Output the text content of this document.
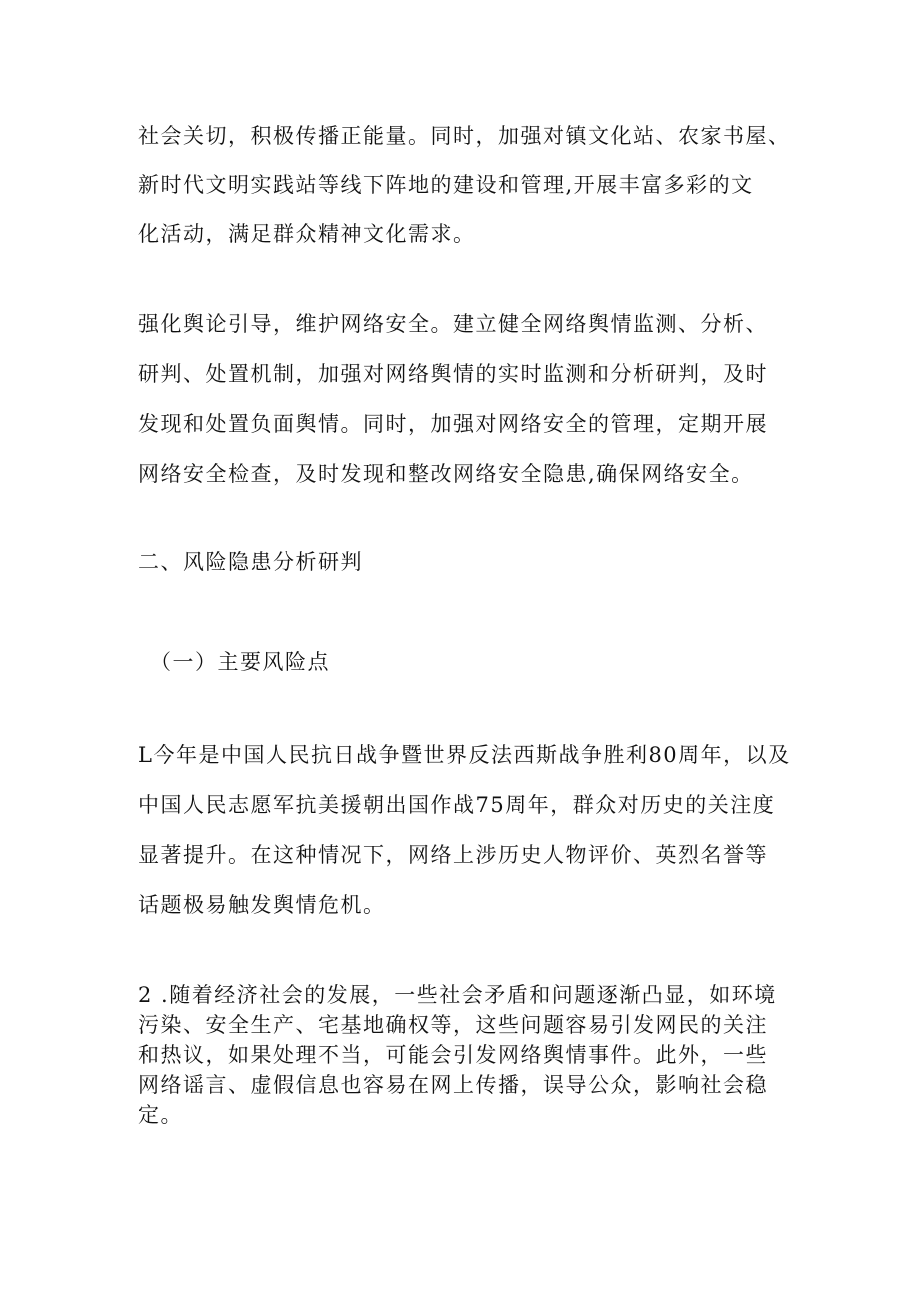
社会关切，积极传播正能量。同时，加强对镇文化站、农家书屋、
新时代文明实践站等线下阵地的建设和管理,开展丰富多彩的文
化活动，满足群众精神文化需求。

强化舆论引导，维护网络安全。建立健全网络舆情监测、分析、
研判、处置机制，加强对网络舆情的实时监测和分析研判，及时
发现和处置负面舆情。同时，加强对网络安全的管理，定期开展
网络安全检查，及时发现和整改网络安全隐患,确保网络安全。

二、风险隐患分析研判

（一）主要风险点

L今年是中国人民抗日战争暨世界反法西斯战争胜利80周年，以及
中国人民志愿军抗美援朝出国作战75周年，群众对历史的关注度
显著提升。在这种情况下，网络上涉历史人物评价、英烈名誉等
话题极易触发舆情危机。

2 .随着经济社会的发展，一些社会矛盾和问题逐渐凸显，如环境
污染、安全生产、宅基地确权等，这些问题容易引发网民的关注
和热议，如果处理不当，可能会引发网络舆情事件。此外，一些
网络谣言、虚假信息也容易在网上传播，误导公众，影响社会稳
定。
